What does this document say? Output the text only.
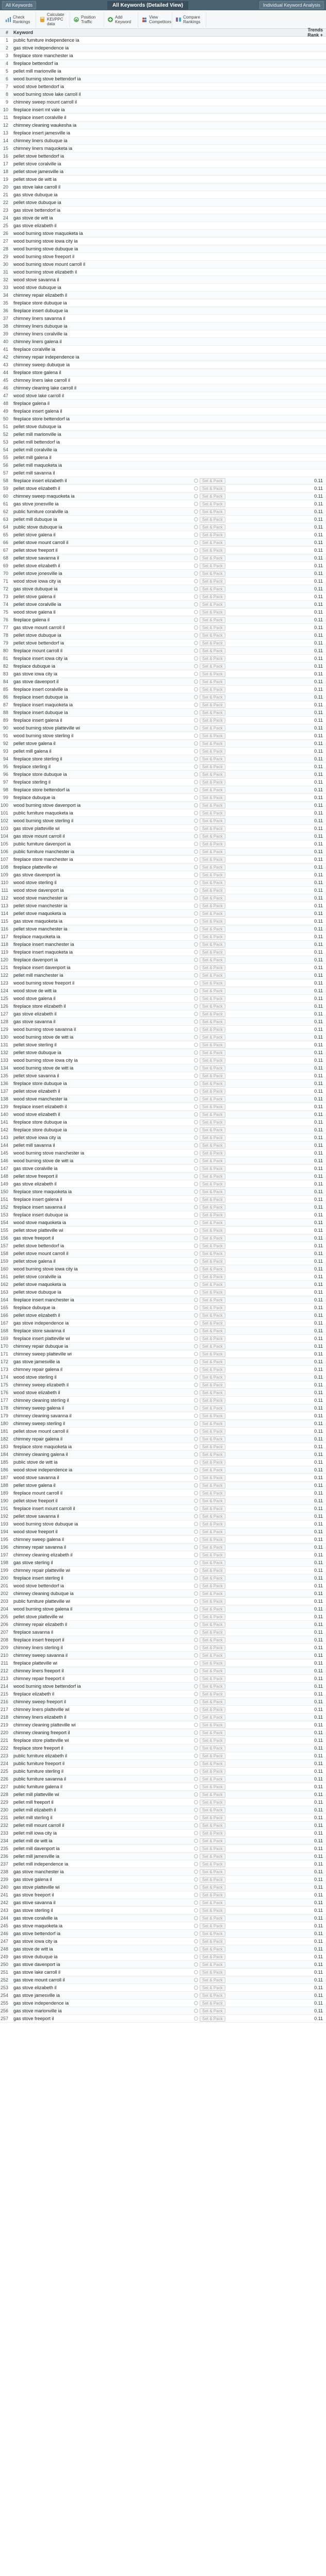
All Keywords	All Keywords (Detailed View)	Individual Keyword Analysis
Check Rankings
Calculate KEI/PPC data
Position Traffic
Add Keyword
View Competitors
Compare Rankings
#	Keyword	Trends Rank +
1	public furniture independence ia
2	gas stove independence ia
3	fireplace store manchester ia
4	fireplace bettendorf ia
5	pellet mill marionville ia
6	wood burning stove bettendorf ia
7	wood stove bettendorf ia
8	wood burning stove lake carroll il
9	chimney sweep mount carroll il
10	fireplace insert mt vale ia
11	fireplace insert coralville il
12	chimney cleaning waukesha ia
13	fireplace insert jamesville ia
14	chimney liners dubuque ia
15	chimney liners maquoketa ia
16	pellet stove bettendorf ia
17	pellet stove coralville ia
18	pellet stove jamesville ia
19	pellet stove de witt ia
20	gas stove lake carroll il
21	gas stove dubuque ia
22	pellet stove dubuque ia
23	gas stove bettendorf ia
24	gas stove de witt ia
25	gas stove elizabeth il
26	wood burning stove maquoketa ia
27	wood burning stove iowa city ia
28	wood burning stove dubuque ia
29	wood burning stove freeport il
30	wood burning stove mount carroll il
31	wood burning stove elizabeth il
32	wood stove savanna il
33	wood stove dubuque ia
34	chimney repair elizabeth il
35	fireplace store dubuque ia
36	fireplace insert dubuque ia
37	chimney liners savanna il
38	chimney liners dubuque ia
39	chimney liners coralville ia
40	chimney liners galena il
41	fireplace coralville ia
42	chimney repair independence ia
43	chimney sweep dubuque ia
44	fireplace store galena il
45	chimney liners lake carroll il
46	chimney cleaning lake carroll il
47	wood stove lake carroll il
48	fireplace galena il
49	fireplace insert galena il
50	fireplace store bettendorf ia
51	pellet stove dubuque ia
52	pellet mill marionville ia
53	pellet mill bettendorf ia
54	pellet mill coralville ia
55	pellet mill galena il
56	pellet mill maquoketa ia
57	pellet mill savanna il
58	fireplace insert elizabeth il	Set & Pack	0.11
59	pellet stove elizabeth il	Set & Pack	0.11
60	chimney sweep maquoketa ia	Set & Pack	0.11
61	gas stove jonesville ia	Set & Pack	0.11
62	public furniture coralville ia	Set & Pack	0.11
63	pellet mill dubuque ia	Set & Pack	0.11
64	public stove dubuque ia	Set & Pack	0.11
65	pellet stove galena il	Set & Pack	0.11
66	pellet stove mount carroll il	Set & Pack	0.11
67	pellet stove freeport il	Set & Pack	0.11
68	pellet stove savanna il	Set & Pack	0.11
69	pellet stove elizabeth il	Set & Pack	0.11
70	pellet stove jonesville ia	Set & Pack	0.11
71	wood stove iowa city ia	Set & Pack	0.11
72	gas stove dubuque ia	Set & Pack	0.11
73	pellet stove galena il	Set & Pack	0.11
74	pellet stove coralville ia	Set & Pack	0.11
75	wood stove galena il	Set & Pack	0.11
76	fireplace galena il	Set & Pack	0.11
77	gas stove mount carroll il	Set & Pack	0.11
78	pellet stove dubuque ia	Set & Pack	0.11
79	pellet stove bettendorf ia	Set & Pack	0.11
80	fireplace mount carroll il	Set & Pack	0.11
81	fireplace insert iowa city ia	Set & Pack	0.11
82	fireplace dubuque ia	Set & Pack	0.11
83	gas stove iowa city ia	Set & Pack	0.11
84	gas stove davenport il	Set & Pack	0.11
85	fireplace insert coralville ia	Set & Pack	0.11
86	fireplace insert dubuque ia	Set & Pack	0.11
87	fireplace insert maquoketa ia	Set & Pack	0.11
88	fireplace insert dubuque ia	Set & Pack	0.11
89	fireplace insert galena il	Set & Pack	0.11
90	wood burning stove platteville wi	Set & Pack	0.11
91	wood burning stove sterling il	Set & Pack	0.11
92	pellet stove galena il	Set & Pack	0.11
93	pellet mill galena il	Set & Pack	0.11
94	fireplace store sterling il	Set & Pack	0.11
95	fireplace sterling il	Set & Pack	0.11
96	fireplace store dubuque ia	Set & Pack	0.11
97	fireplace sterling il	Set & Pack	0.11
98	fireplace store bettendorf ia	Set & Pack	0.11
99	fireplace dubuque ia	Set & Pack	0.11
100	wood burning stove davenport ia	Set & Pack	0.11
101	public furniture maquoketa ia	Set & Pack	0.11
102	wood burning stove sterling il	Set & Pack	0.11
103	gas stove platteville wi	Set & Pack	0.11
104	gas stove mount carroll il	Set & Pack	0.11
105	public furniture davenport ia	Set & Pack	0.11
106	public furniture manchester ia	Set & Pack	0.11
107	fireplace store manchester ia	Set & Pack	0.11
108	fireplace platteville wi	Set & Pack	0.11
109	gas stove davenport ia	Set & Pack	0.11
110	wood stove sterling il	Set & Pack	0.11
111	wood stove davenport ia	Set & Pack	0.11
112	wood stove manchester ia	Set & Pack	0.11
113	pellet stove manchester ia	Set & Pack	0.11
114	pellet stove maquoketa ia	Set & Pack	0.11
115	gas stove maquoketa ia	Set & Pack	0.11
116	pellet stove manchester ia	Set & Pack	0.11
117	fireplace maquoketa ia	Set & Pack	0.11
118	fireplace insert manchester ia	Set & Pack	0.11
119	fireplace insert maquoketa ia	Set & Pack	0.11
120	fireplace davenport ia	Set & Pack	0.11
121	fireplace insert davenport ia	Set & Pack	0.11
122	pellet mill manchester ia	Set & Pack	0.11
123	wood burning stove freeport il	Set & Pack	0.11
124	wood stove de witt ia	Set & Pack	0.11
125	wood stove galena il	Set & Pack	0.11
126	fireplace store elizabeth il	Set & Pack	0.11
127	gas stove elizabeth il	Set & Pack	0.11
128	gas stove savanna il	Set & Pack	0.11
129	wood burning stove savanna il	Set & Pack	0.11
130	wood burning stove de witt ia	Set & Pack	0.11
131	pellet stove sterling il	Set & Pack	0.11
132	pellet stove dubuque ia	Set & Pack	0.11
133	wood burning stove iowa city ia	Set & Pack	0.11
134	wood burning stove de witt ia	Set & Pack	0.11
135	pellet stove savanna il	Set & Pack	0.11
136	fireplace store dubuque ia	Set & Pack	0.11
137	pellet stove elizabeth il	Set & Pack	0.11
138	wood stove manchester ia	Set & Pack	0.11
139	fireplace insert elizabeth il	Set & Pack	0.11
140	wood stove elizabeth il	Set & Pack	0.11
141	fireplace store dubuque ia	Set & Pack	0.11
142	fireplace store dubuque ia	Set & Pack	0.11
143	pellet stove iowa city ia	Set & Pack	0.11
144	pellet mill savanna il	Set & Pack	0.11
145	wood burning stove manchester ia	Set & Pack	0.11
146	wood burning stove de witt ia	Set & Pack	0.11
147	gas stove coralville ia	Set & Pack	0.11
148	pellet stove freeport il	Set & Pack	0.11
149	gas stove elizabeth il	Set & Pack	0.11
150	fireplace store maquoketa ia	Set & Pack	0.11
151	fireplace insert galena il	Set & Pack	0.11
152	fireplace insert savanna il	Set & Pack	0.11
153	fireplace insert dubuque ia	Set & Pack	0.11
154	wood stove maquoketa ia	Set & Pack	0.11
155	pellet stove platteville wi	Set & Pack	0.11
156	gas stove freeport il	Set & Pack	0.11
157	pellet stove bettendorf ia	Set & Pack	0.11
158	pellet stove mount carroll il	Set & Pack	0.11
159	pellet stove galena il	Set & Pack	0.11
160	wood burning stove iowa city ia	Set & Pack	0.11
161	pellet stove coralville ia	Set & Pack	0.11
162	pellet stove maquoketa ia	Set & Pack	0.11
163	pellet stove dubuque ia	Set & Pack	0.11
164	fireplace insert manchester ia	Set & Pack	0.11
165	fireplace dubuque ia	Set & Pack	0.11
166	pellet stove elizabeth il	Set & Pack	0.11
167	gas stove independence ia	Set & Pack	0.11
168	fireplace store savanna il	Set & Pack	0.11
169	fireplace insert platteville wi	Set & Pack	0.11
170	chimney repair dubuque ia	Set & Pack	0.11
171	chimney sweep platteville wi	Set & Pack	0.11
172	gas stove jamesville ia	Set & Pack	0.11
173	chimney repair galena il	Set & Pack	0.11
174	wood stove sterling il	Set & Pack	0.11
175	chimney sweep elizabeth il	Set & Pack	0.11
176	wood stove elizabeth il	Set & Pack	0.11
177	chimney cleaning sterling il	Set & Pack	0.11
178	chimney sweep galena il	Set & Pack	0.11
179	chimney cleaning savanna il	Set & Pack	0.11
180	chimney sweep sterling il	Set & Pack	0.11
181	pellet stove mount carroll il	Set & Pack	0.11
182	chimney repair galena il	Set & Pack	0.11
183	fireplace store maquoketa ia	Set & Pack	0.11
184	chimney cleaning galena il	Set & Pack	0.11
185	public stove de witt ia	Set & Pack	0.11
186	wood stove independence ia	Set & Pack	0.11
187	wood stove savanna il	Set & Pack	0.11
188	pellet stove galena il	Set & Pack	0.11
189	fireplace mount carroll il	Set & Pack	0.11
190	pellet stove freeport il	Set & Pack	0.11
191	fireplace insert mount carroll il	Set & Pack	0.11
192	pellet stove savanna il	Set & Pack	0.11
193	wood burning stove dubuque ia	Set & Pack	0.11
194	wood stove freeport il	Set & Pack	0.11
195	chimney sweep galena il	Set & Pack	0.11
196	chimney repair savanna il	Set & Pack	0.11
197	chimney cleaning elizabeth il	Set & Pack	0.11
198	gas stove sterling il	Set & Pack	0.11
199	chimney repair platteville wi	Set & Pack	0.11
200	fireplace insert sterling il	Set & Pack	0.11
201	wood stove bettendorf ia	Set & Pack	0.11
202	chimney cleaning dubuque ia	Set & Pack	0.11
203	public furniture platteville wi	Set & Pack	0.11
204	wood burning stove galena il	Set & Pack	0.11
205	pellet stove platteville wi	Set & Pack	0.11
206	chimney repair elizabeth il	Set & Pack	0.11
207	fireplace savanna il	Set & Pack	0.11
208	fireplace insert freeport il	Set & Pack	0.11
209	chimney liners sterling il	Set & Pack	0.11
210	chimney sweep savanna il	Set & Pack	0.11
211	fireplace platteville wi	Set & Pack	0.11
212	chimney liners freeport il	Set & Pack	0.11
213	chimney repair freeport il	Set & Pack	0.11
214	wood burning stove bettendorf ia	Set & Pack	0.11
215	fireplace elizabeth il	Set & Pack	0.11
216	chimney sweep freeport il	Set & Pack	0.11
217	chimney liners platteville wi	Set & Pack	0.11
218	chimney liners elizabeth il	Set & Pack	0.11
219	chimney cleaning platteville wi	Set & Pack	0.11
220	chimney cleaning freeport il	Set & Pack	0.11
221	fireplace store platteville wi	Set & Pack	0.11
222	fireplace store freeport il	Set & Pack	0.11
223	public furniture elizabeth il	Set & Pack	0.11
224	public furniture freeport il	Set & Pack	0.11
225	public furniture sterling il	Set & Pack	0.11
226	public furniture savanna il	Set & Pack	0.11
227	public furniture galena il	Set & Pack	0.11
228	pellet mill platteville wi	Set & Pack	0.11
229	pellet mill freeport il	Set & Pack	0.11
230	pellet mill elizabeth il	Set & Pack	0.11
231	pellet mill sterling il	Set & Pack	0.11
232	pellet mill mount carroll il	Set & Pack	0.11
233	pellet mill iowa city ia	Set & Pack	0.11
234	pellet mill de witt ia	Set & Pack	0.11
235	pellet mill davenport ia	Set & Pack	0.11
236	pellet mill jamesville ia	Set & Pack	0.11
237	pellet mill independence ia	Set & Pack	0.11
238	gas stove manchester ia	Set & Pack	0.11
239	gas stove galena il	Set & Pack	0.11
240	gas stove platteville wi	Set & Pack	0.11
241	gas stove freeport il	Set & Pack	0.11
242	gas stove savanna il	Set & Pack	0.11
243	gas stove sterling il	Set & Pack	0.11
244	gas stove coralville ia	Set & Pack	0.11
245	gas stove maquoketa ia	Set & Pack	0.11
246	gas stove bettendorf ia	Set & Pack	0.11
247	gas stove iowa city ia	Set & Pack	0.11
248	gas stove de witt ia	Set & Pack	0.11
249	gas stove dubuque ia	Set & Pack	0.11
250	gas stove davenport ia	Set & Pack	0.11
251	gas stove lake carroll il	Set & Pack	0.11
252	gas stove mount carroll il	Set & Pack	0.11
253	gas stove elizabeth il	Set & Pack	0.11
254	gas stove jamesville ia	Set & Pack	0.11
255	gas stove independence ia	Set & Pack	0.11
256	gas stove marionville ia	Set & Pack	0.11
257	gas stove freeport il	Set & Pack	0.11
